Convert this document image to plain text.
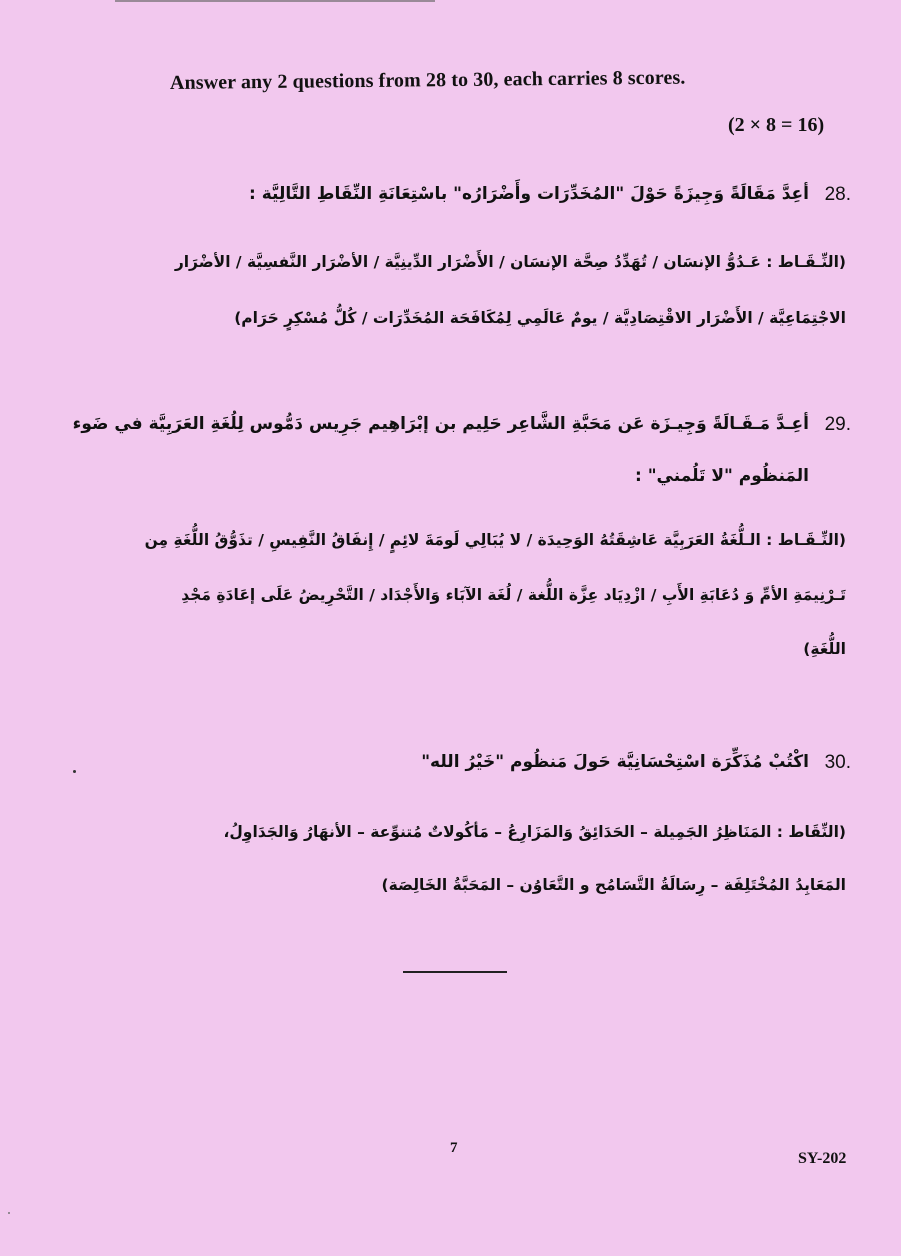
Answer any 2 questions from 28 to 30, each carries 8 scores.
(2 × 8 = 16)
28.
أعِدَّ مَقَالَةً وَجِيزَةً حَوْلَ "المُخَدِّرَات وأَضْرَارُه" باسْتِعَانَةِ النِّقَاطِ التَّالِيَّة :
(النِّـقَـاط : عَـدُوُّ الإنسَان / تُهَدِّدُ صِحَّة الإنسَان / الأَضْرَار الدِّينِيَّة / الأضْرَار النَّفسِيَّة / الأضْرَار
الاجْتِمَاعِيَّة / الأَضْرَار الاقْتِصَادِيَّة / يومٌ عَالَمِي لِمُكَافَحَة المُخَدِّرَات / كُلُّ مُسْكِرٍ حَرَام)
29.
أعِـدَّ مَـقَـالَةً وَجِيـزَة عَن مَحَبَّةِ الشَّاعِر حَلِيم بن إبْرَاهِيم جَرِيس دَمُّوس لِلُغَةِ العَرَبِيَّة في ضَوء
المَنظُوم "لا تَلُمني" :
(النِّـقَـاط : الـلُّغَةُ العَرَبِيَّة عَاشِقَتُهُ الوَحِيدَة / لا يُبَالِي لَومَةَ لائِمٍ / إِنفَاقُ النَّفِيسِ / تذَوُّقُ اللُّغَةِ مِن
تَـرْنِيمَةِ الأمِّ وَ دُعَابَةِ الأَبِ / ازْدِيَاد عِزَّة اللُّغة / لُغَة الآبَاء وَالأَجْدَاد / التَّحْرِيضُ عَلَى إعَادَةِ مَجْدِ
اللُّغَةِ)
30.
اكْتُبْ مُذَكِّرَة اسْتِحْسَانِيَّة حَولَ مَنظُوم "خَيْرُ الله"
(النِّقَاط : المَنَاظِرُ الجَمِيلة – الحَدَائِقُ وَالمَزَارِعُ – مَأكُولاتٌ مُتنوِّعة – الأنهَارُ وَالجَدَاوِلُ،
المَعَابِدُ المُخْتَلِفَة – رِسَالَةُ التَّسَامُح و التَّعَاوُن – المَحَبَّةُ الخَالِصَة)
7
SY-202
